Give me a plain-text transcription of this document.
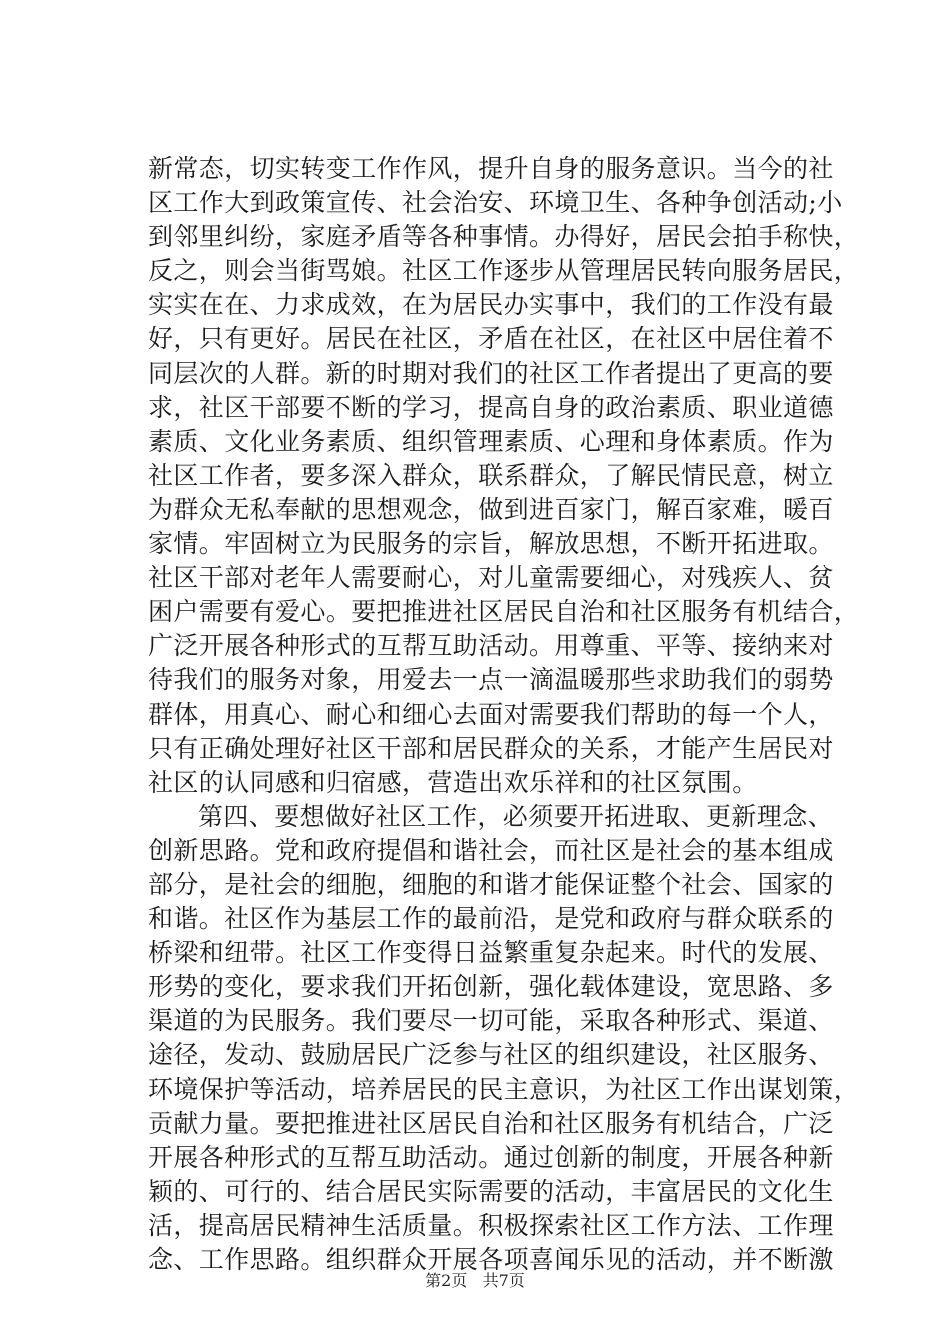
新常态，切实转变工作作风，提升自身的服务意识。当今的社
区工作大到政策宣传、社会治安、环境卫生、各种争创活动;小
到邻里纠纷，家庭矛盾等各种事情。办得好，居民会拍手称快，
反之，则会当街骂娘。社区工作逐步从管理居民转向服务居民，
实实在在、力求成效，在为居民办实事中，我们的工作没有最
好，只有更好。居民在社区，矛盾在社区，在社区中居住着不
同层次的人群。新的时期对我们的社区工作者提出了更高的要
求，社区干部要不断的学习，提高自身的政治素质、职业道德
素质、文化业务素质、组织管理素质、心理和身体素质。作为
社区工作者，要多深入群众，联系群众，了解民情民意，树立
为群众无私奉献的思想观念，做到进百家门，解百家难，暖百
家情。牢固树立为民服务的宗旨，解放思想，不断开拓进取。
社区干部对老年人需要耐心，对儿童需要细心，对残疾人、贫
困户需要有爱心。要把推进社区居民自治和社区服务有机结合，
广泛开展各种形式的互帮互助活动。用尊重、平等、接纳来对
待我们的服务对象，用爱去一点一滴温暖那些求助我们的弱势
群体，用真心、耐心和细心去面对需要我们帮助的每一个人，
只有正确处理好社区干部和居民群众的关系，才能产生居民对
社区的认同感和归宿感，营造出欢乐祥和的社区氛围。
第四、要想做好社区工作，必须要开拓进取、更新理念、
创新思路。党和政府提倡和谐社会，而社区是社会的基本组成
部分，是社会的细胞，细胞的和谐才能保证整个社会、国家的
和谐。社区作为基层工作的最前沿，是党和政府与群众联系的
桥梁和纽带。社区工作变得日益繁重复杂起来。时代的发展、
形势的变化，要求我们开拓创新，强化载体建设，宽思路、多
渠道的为民服务。我们要尽一切可能，采取各种形式、渠道、
途径，发动、鼓励居民广泛参与社区的组织建设，社区服务、
环境保护等活动，培养居民的民主意识，为社区工作出谋划策，
贡献力量。要把推进社区居民自治和社区服务有机结合，广泛
开展各种形式的互帮互助活动。通过创新的制度，开展各种新
颖的、可行的、结合居民实际需要的活动，丰富居民的文化生
活，提高居民精神生活质量。积极探索社区工作方法、工作理
念、工作思路。组织群众开展各项喜闻乐见的活动，并不断激
第2页 共7页
